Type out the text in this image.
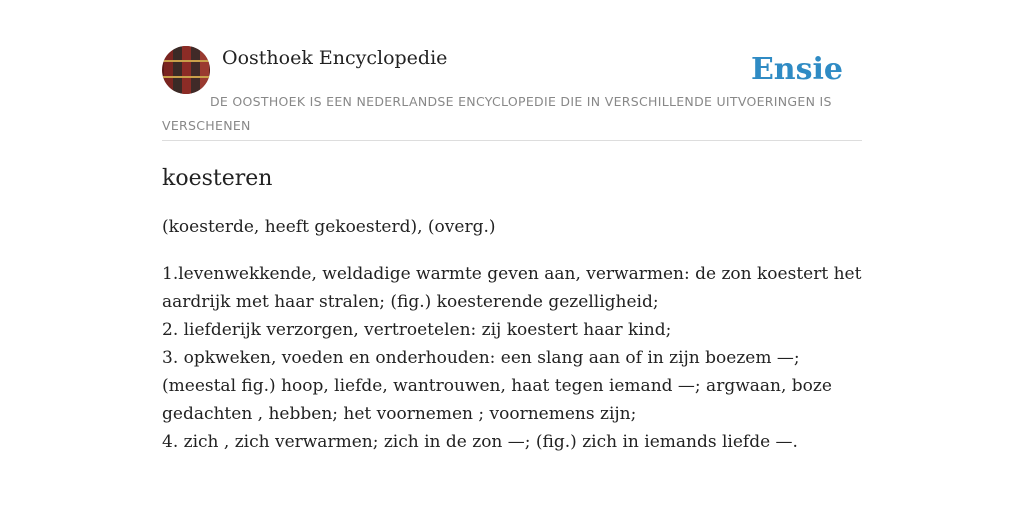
Oosthoek Encyclopedie	Ensie
DE OOSTHOEK IS EEN NEDERLANDSE ENCYCLOPEDIE DIE IN VERSCHILLENDE UITVOERINGEN IS VERSCHENEN
koesteren

(koesterde, heeft gekoesterd), (overg.)

1.levenwekkende, weldadige warmte geven aan, verwarmen: de zon koestert het aardrijk met haar stralen; (fig.) koesterende gezelligheid;
2. liefderijk verzorgen, vertroetelen: zij koestert haar kind;
3. opkweken, voeden en onderhouden: een slang aan of in zijn boezem —; (meestal fig.) hoop, liefde, wantrouwen, haat tegen iemand —; argwaan, boze gedachten , hebben; het voornemen ; voornemens zijn;
4. zich , zich verwarmen; zich in de zon —; (fig.) zich in iemands liefde —.
